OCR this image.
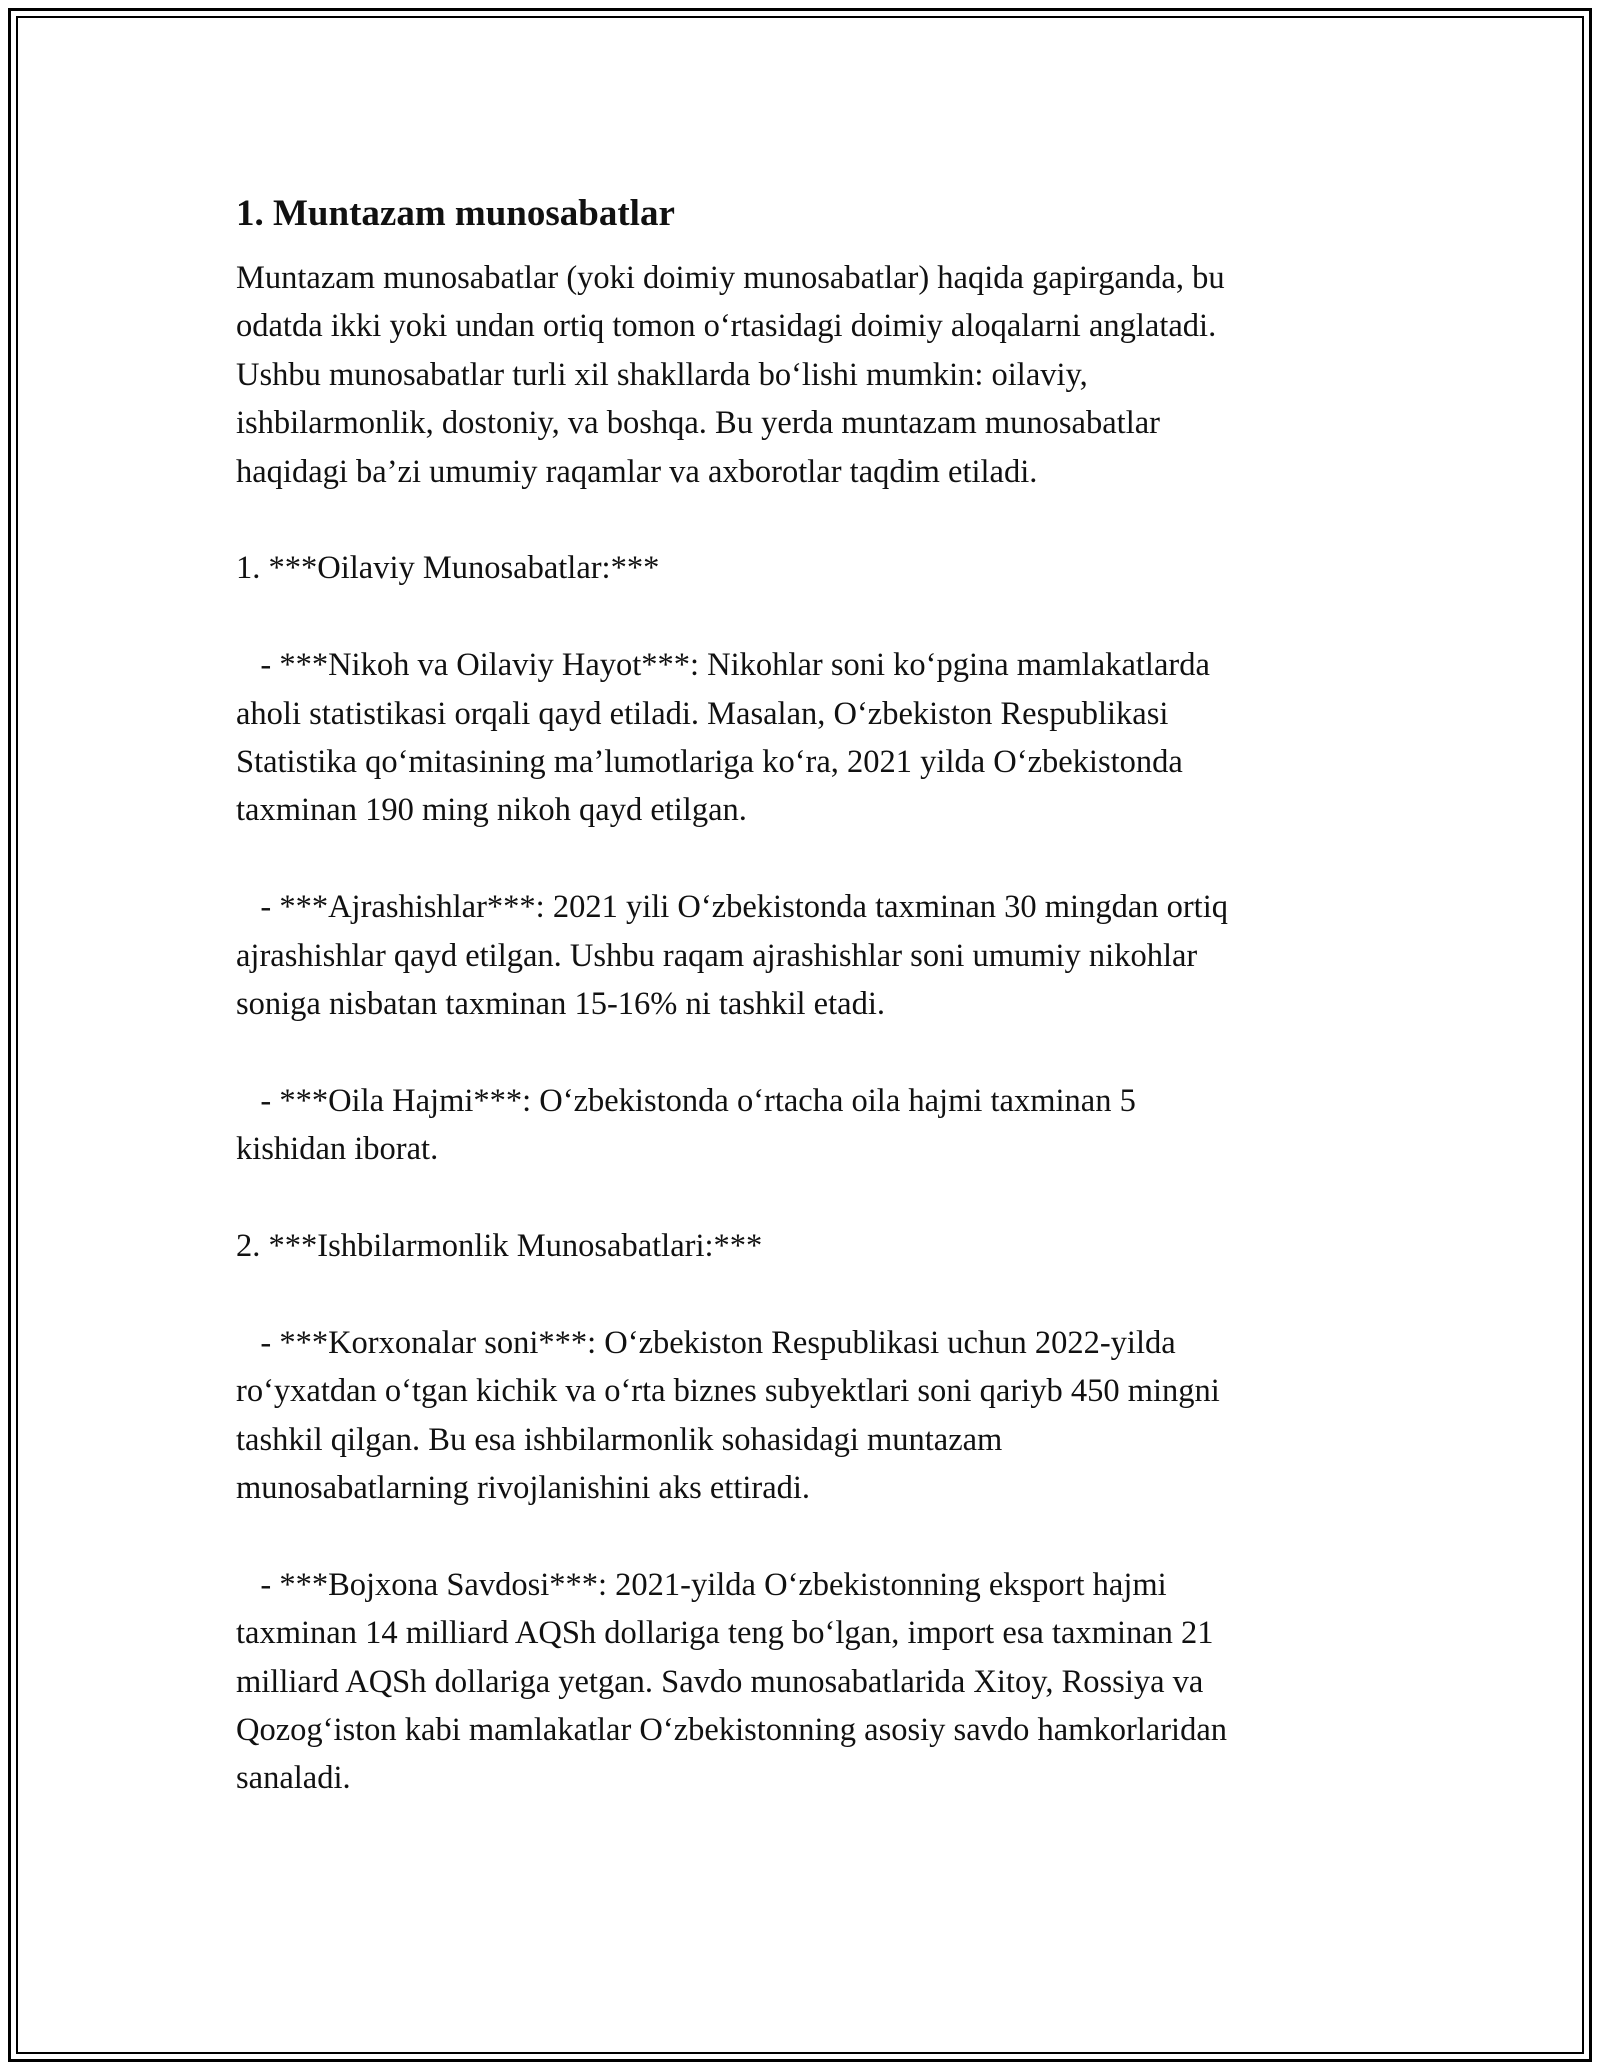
1. Muntazam munosabatlar
Muntazam munosabatlar (yoki doimiy munosabatlar) haqida gapirganda, bu
odatda ikki yoki undan ortiq tomon o‘rtasidagi doimiy aloqalarni anglatadi.
Ushbu munosabatlar turli xil shakllarda bo‘lishi mumkin: oilaviy,
ishbilarmonlik, dostoniy, va boshqa. Bu yerda muntazam munosabatlar
haqidagi ba’zi umumiy raqamlar va axborotlar taqdim etiladi.
1. ***Oilaviy Munosabatlar:***
- ***Nikoh va Oilaviy Hayot***: Nikohlar soni ko‘pgina mamlakatlarda
aholi statistikasi orqali qayd etiladi. Masalan, O‘zbekiston Respublikasi
Statistika qo‘mitasining ma’lumotlariga ko‘ra, 2021 yilda O‘zbekistonda
taxminan 190 ming nikoh qayd etilgan.
- ***Ajrashishlar***: 2021 yili O‘zbekistonda taxminan 30 mingdan ortiq
ajrashishlar qayd etilgan. Ushbu raqam ajrashishlar soni umumiy nikohlar
soniga nisbatan taxminan 15-16% ni tashkil etadi.
- ***Oila Hajmi***: O‘zbekistonda o‘rtacha oila hajmi taxminan 5
kishidan iborat.
2. ***Ishbilarmonlik Munosabatlari:***
- ***Korxonalar soni***: O‘zbekiston Respublikasi uchun 2022-yilda
ro‘yxatdan o‘tgan kichik va o‘rta biznes subyektlari soni qariyb 450 mingni
tashkil qilgan. Bu esa ishbilarmonlik sohasidagi muntazam
munosabatlarning rivojlanishini aks ettiradi.
- ***Bojxona Savdosi***: 2021-yilda O‘zbekistonning eksport hajmi
taxminan 14 milliard AQSh dollariga teng bo‘lgan, import esa taxminan 21
milliard AQSh dollariga yetgan. Savdo munosabatlarida Xitoy, Rossiya va
Qozog‘iston kabi mamlakatlar O‘zbekistonning asosiy savdo hamkorlaridan
sanaladi.
